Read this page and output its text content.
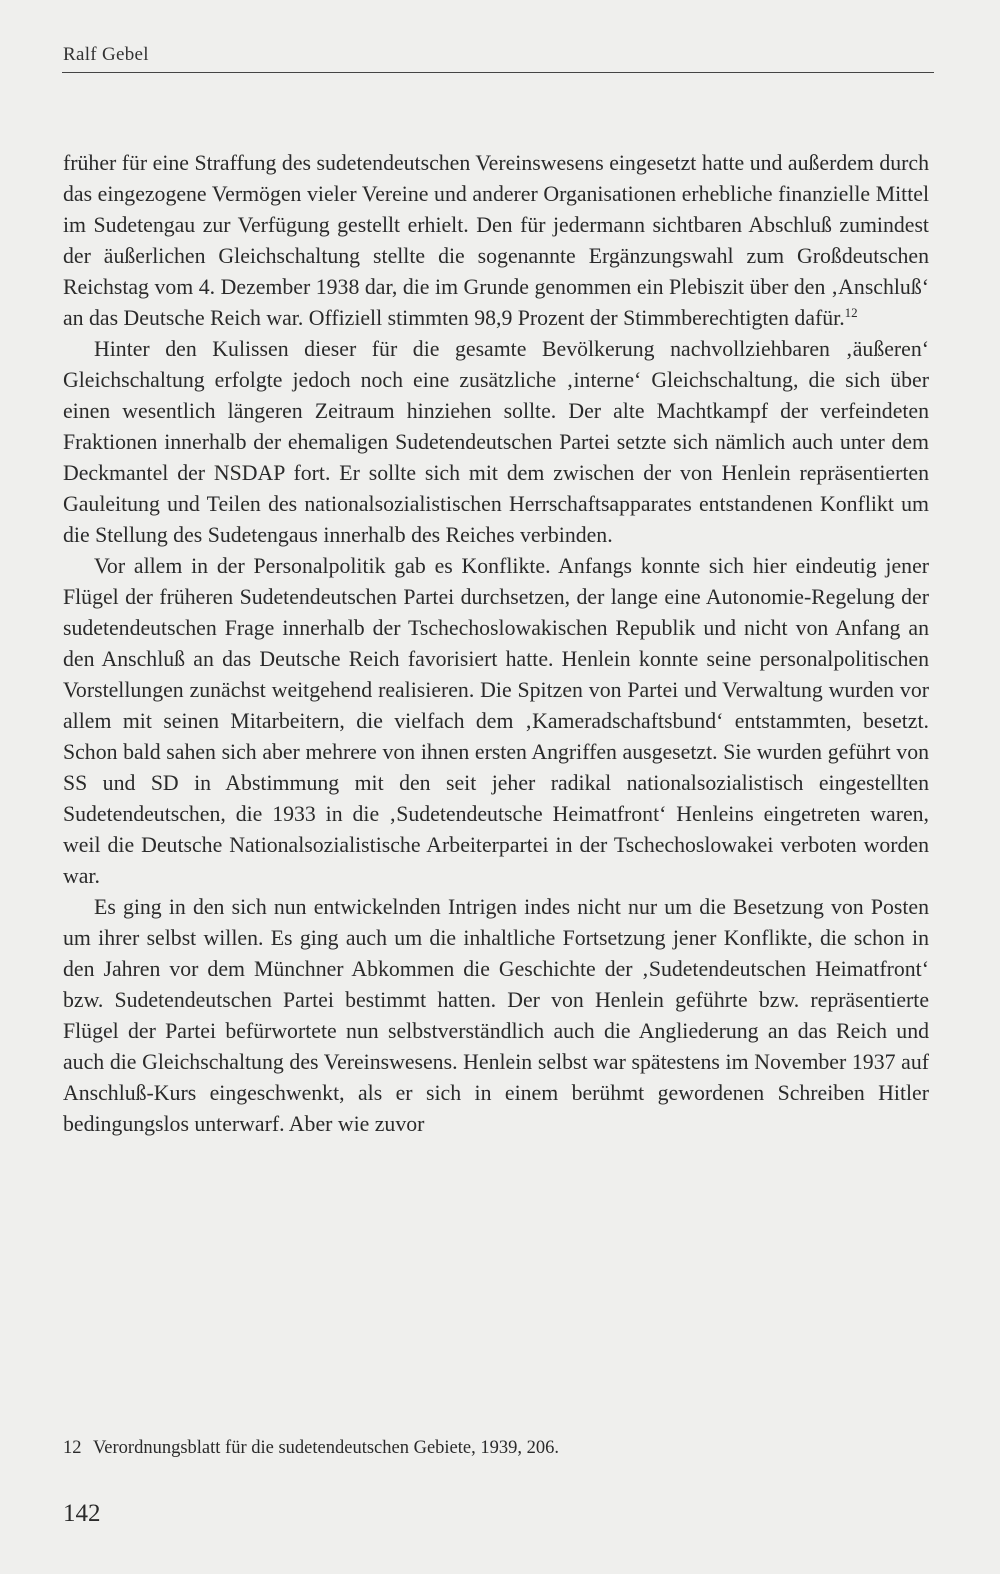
Ralf Gebel

früher für eine Straffung des sudetendeutschen Vereinswesens eingesetzt hatte und außerdem durch das eingezogene Vermögen vieler Vereine und anderer Organisationen erhebliche finanzielle Mittel im Sudetengau zur Verfügung gestellt erhielt. Den für jedermann sichtbaren Abschluß zumindest der äußerlichen Gleichschaltung stellte die sogenannte Ergänzungswahl zum Großdeutschen Reichstag vom 4. Dezember 1938 dar, die im Grunde genommen ein Plebiszit über den ‚Anschluß‘ an das Deutsche Reich war. Offiziell stimmten 98,9 Prozent der Stimmberechtigten dafür.$^{12}$

Hinter den Kulissen dieser für die gesamte Bevölkerung nachvollziehbaren ‚äußeren‘ Gleichschaltung erfolgte jedoch noch eine zusätzliche ‚interne‘ Gleichschaltung, die sich über einen wesentlich längeren Zeitraum hinziehen sollte. Der alte Machtkampf der verfeindeten Fraktionen innerhalb der ehemaligen Sudetendeutschen Partei setzte sich nämlich auch unter dem Deckmantel der NSDAP fort. Er sollte sich mit dem zwischen der von Henlein repräsentierten Gauleitung und Teilen des nationalsozialistischen Herrschaftsapparates entstandenen Konflikt um die Stellung des Sudetengaus innerhalb des Reiches verbinden.

Vor allem in der Personalpolitik gab es Konflikte. Anfangs konnte sich hier eindeutig jener Flügel der früheren Sudetendeutschen Partei durchsetzen, der lange eine Autonomie-Regelung der sudetendeutschen Frage innerhalb der Tschechoslowakischen Republik und nicht von Anfang an den Anschluß an das Deutsche Reich favorisiert hatte. Henlein konnte seine personalpolitischen Vorstellungen zunächst weitgehend realisieren. Die Spitzen von Partei und Verwaltung wurden vor allem mit seinen Mitarbeitern, die vielfach dem ‚Kameradschaftsbund‘ entstammten, besetzt. Schon bald sahen sich aber mehrere von ihnen ersten Angriffen ausgesetzt. Sie wurden geführt von SS und SD in Abstimmung mit den seit jeher radikal nationalsozialistisch eingestellten Sudetendeutschen, die 1933 in die ‚Sudetendeutsche Heimatfront‘ Henleins eingetreten waren, weil die Deutsche Nationalsozialistische Arbeiterpartei in der Tschechoslowakei verboten worden war.

Es ging in den sich nun entwickelnden Intrigen indes nicht nur um die Besetzung von Posten um ihrer selbst willen. Es ging auch um die inhaltliche Fortsetzung jener Konflikte, die schon in den Jahren vor dem Münchner Abkommen die Geschichte der ‚Sudetendeutschen Heimatfront‘ bzw. Sudetendeutschen Partei bestimmt hatten. Der von Henlein geführte bzw. repräsentierte Flügel der Partei befürwortete nun selbstverständlich auch die Angliederung an das Reich und auch die Gleichschaltung des Vereinswesens. Henlein selbst war spätestens im November 1937 auf Anschluß-Kurs eingeschwenkt, als er sich in einem berühmt gewordenen Schreiben Hitler bedingungslos unterwarf. Aber wie zuvor

12 Verordnungsblatt für die sudetendeutschen Gebiete, 1939, 206.
142
